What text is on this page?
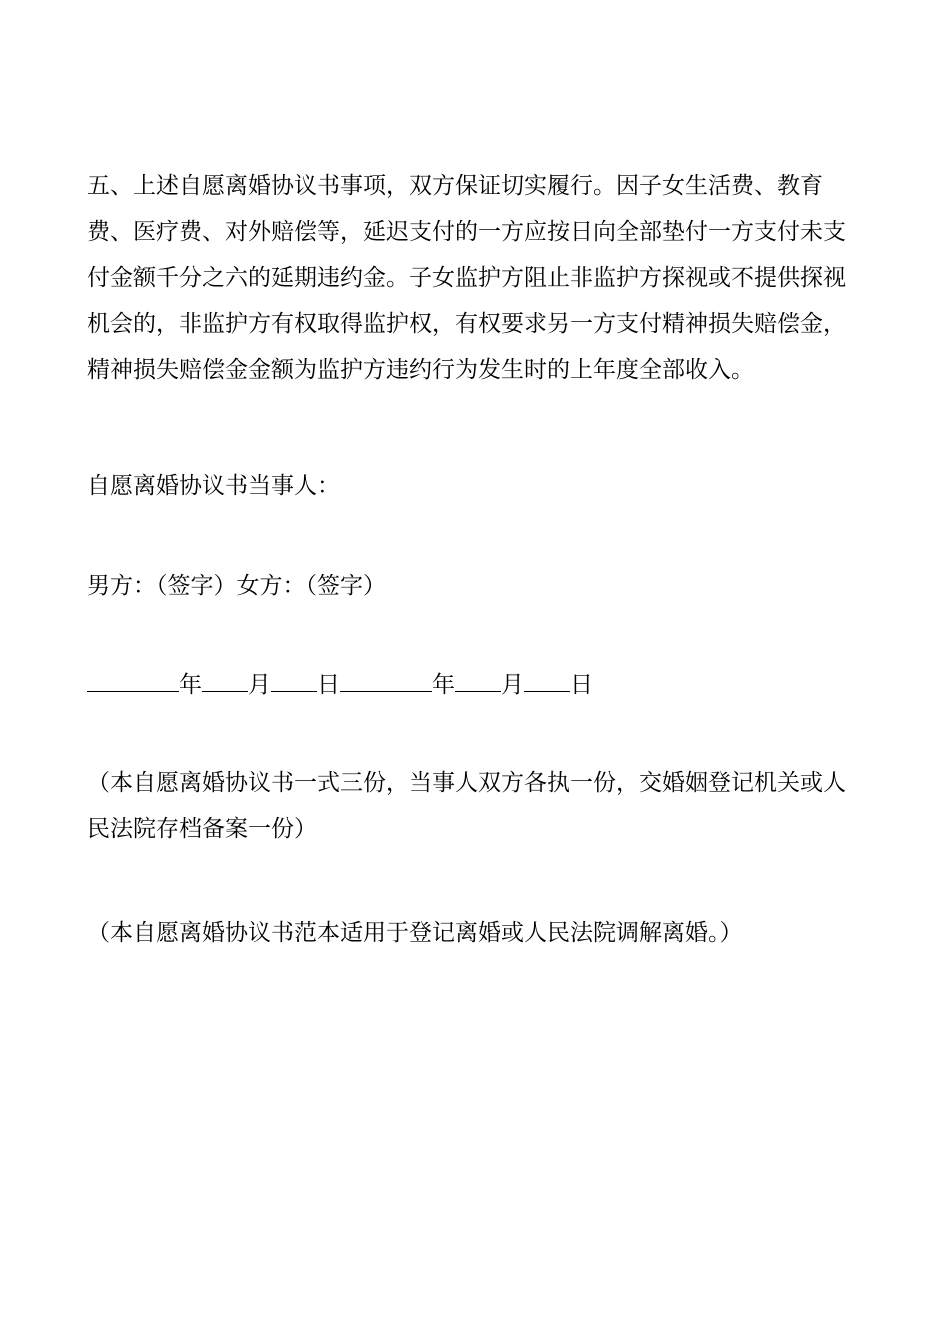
五、上述自愿离婚协议书事项，双方保证切实履行。因子女生活费、教育费、医疗费、对外赔偿等，延迟支付的一方应按日向全部垫付一方支付未支付金额千分之六的延期违约金。子女监护方阻止非监护方探视或不提供探视机会的，非监护方有权取得监护权，有权要求另一方支付精神损失赔偿金，精神损失赔偿金金额为监护方违约行为发生时的上年度全部收入。
自愿离婚协议书当事人：
男方：（签字）女方：（签字）
年 月 日	年 月 日
（本自愿离婚协议书一式三份，当事人双方各执一份，交婚姻登记机关或人民法院存档备案一份）
（本自愿离婚协议书范本适用于登记离婚或人民法院调解离婚。）
